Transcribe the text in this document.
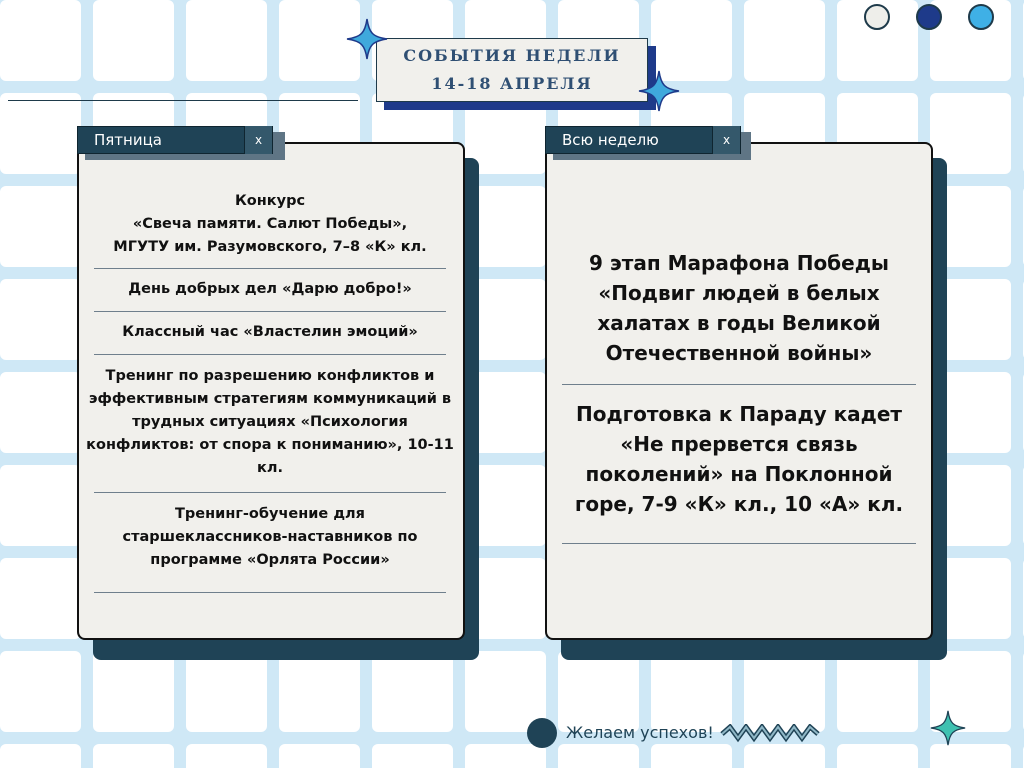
СОБЫТИЯ НЕДЕЛИ
14-18 АПРЕЛЯ
Пятница	x
Конкурс
«Свеча памяти. Салют Победы»,
МГУТУ им. Разумовского, 7–8 «К» кл.
День добрых дел «Дарю добро!»
Классный час «Властелин эмоций»
Тренинг по разрешению конфликтов и эффективным стратегиям коммуникаций в трудных ситуациях «Психология конфликтов: от спора к пониманию», 10-11 кл.
Тренинг-обучение для старшеклассников-наставников по программе «Орлята России»
Всю неделю	x
9 этап Марафона Победы «Подвиг людей в белых халатах в годы Великой Отечественной войны»
Подготовка к Параду кадет «Не прервется связь поколений» на Поклонной горе, 7-9 «К» кл., 10 «А» кл.
Желаем успехов!
